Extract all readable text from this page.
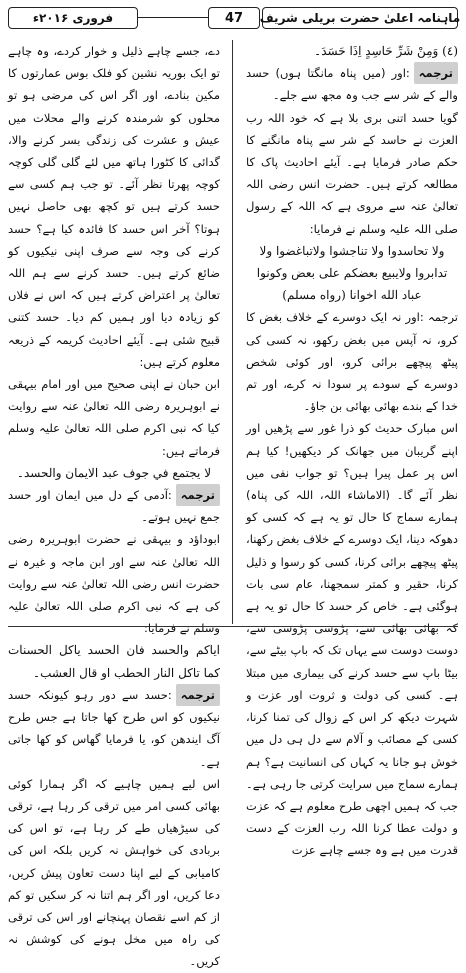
فروری ۲۰۱۶ء	47	ماہنامہ اعلیٰ حضرت بریلی شریف

(٤) وَمِنْ شَرِّ حَاسِدٍ اِذَا حَسَدَ۔

ترجمہ:اور (میں پناہ مانگتا ہوں) حسد والے کے شر سے جب وہ مجھ سے جلے۔

گویا حسد اتنی بری بلا ہے کہ خود اللہ رب العزت نے حاسد کے شر سے پناہ مانگنے کا حکم صادر فرمایا ہے۔ آیئے احادیث پاک کا مطالعہ کرتے ہیں۔ حضرت انس رضی اللہ تعالیٰ عنہ سے مروی ہے کہ اللہ کے رسول صلی اللہ علیہ وسلم نے فرمایا:

ولا تحاسدوا ولا تناجشوا ولاتباغضوا ولا تدابروا ولايبيع بعضكم على بعض وكونوا عباد الله اخوانا (رواه مسلم)

ترجمہ :اور نہ ایک دوسرے کے خلاف بغض کا کرو، نہ آپس میں بغض رکھو، نہ کسی کی پیٹھ پیچھے برائی کرو، اور کوئی شخص دوسرے کے سودے پر سودا نہ کرے، اور تم خدا کے بندے بھائی بھائی بن جاؤ۔

اس مبارک حدیث کو ذرا غور سے پڑھیں اور اپنے گریبان میں جھانک کر دیکھیں! کیا ہم اس پر عمل پیرا ہیں؟ تو جواب نفی میں نظر آئے گا۔ (الاماشاء اللہ، اللہ کی پناہ) ہمارے سماج کا حال تو یہ ہے کہ کسی کو دھوکہ دینا، ایک دوسرے کے خلاف بغض رکھنا، پیٹھ پیچھے برائی کرنا، کسی کو رسوا و ذلیل کرنا، حقیر و کمتر سمجھنا، عام سی بات ہوگئی ہے۔ خاص کر حسد کا حال تو یہ ہے کہ بھائی بھائی سے، پڑوسی پڑوسی سے، دوست دوست سے یہاں تک کہ باپ بیٹے سے، بیٹا باپ سے حسد کرنے کی بیماری میں مبتلا ہے۔ کسی کی دولت و ثروت اور عزت و شہرت دیکھ کر اس کے زوال کی تمنا کرنا، کسی کے مصائب و آلام سے دل ہی دل میں خوش ہو جانا یہ کہاں کی انسانیت ہے؟ ہم ہمارے سماج میں سرایت کرتی جا رہی ہے۔ جب کہ ہمیں اچھی طرح معلوم ہے کہ عزت و دولت عطا کرنا اللہ رب العزت کے دست قدرت میں ہے وہ جسے چاہے عزت

دے، جسے چاہے ذلیل و خوار کردے، وہ چاہے تو ایک بوریہ نشین کو فلک بوس عمارتوں کا مکین بنادے، اور اگر اس کی مرضی ہو تو محلوں کو شرمندہ کرنے والے محلات میں عیش و عشرت کی زندگی بسر کرنے والا، گدائی کا کٹورا ہاتھ میں لئے گلی گلی کوچہ کوچہ پھرتا نظر آئے۔ تو جب ہم کسی سے حسد کرتے ہیں تو کچھ بھی حاصل نہیں ہوتا؟ آخر اس حسد کا فائدہ کیا ہے؟ حسد کرنے کی وجہ سے صرف اپنی نیکیوں کو ضائع کرتے ہیں۔ حسد کرنے سے ہم اللہ تعالیٰ پر اعتراض کرتے ہیں کہ اس نے فلاں کو زیادہ دیا اور ہمیں کم دیا۔ حسد کتنی قبیح شئی ہے۔ آیئے احادیث کریمہ کے ذریعہ معلوم کرتے ہیں:

ابن حبان نے اپنی صحیح میں اور امام بیہقی نے ابوہریرہ رضی اللہ تعالیٰ عنہ سے روایت کیا کہ نبی اکرم صلی اللہ تعالیٰ علیہ وسلم فرماتے ہیں:

لا يجتمع في جوف عبد الايمان والحسد۔

ترجمہ:آدمی کے دل میں ایمان اور حسد جمع نہیں ہوتے۔

ابوداؤد و بیہقی نے حضرت ابوہریرہ رضی اللہ تعالیٰ عنہ سے اور ابن ماجہ و غیرہ نے حضرت انس رضی اللہ تعالیٰ عنہ سے روایت کی ہے کہ نبی اکرم صلی اللہ تعالیٰ علیہ وسلم نے فرمایا:

اياكم والحسد فان الحسد ياكل الحسنات كما تاكل النار الحطب او قال العشب۔

ترجمہ:حسد سے دور رہو کیونکہ حسد نیکیوں کو اس طرح کھا جاتا ہے جس طرح آگ ایندھن کو، یا فرمایا گھاس کو کھا جاتی ہے۔

اس لیے ہمیں چاہیے کہ اگر ہمارا کوئی بھائی کسی امر میں ترقی کر رہا ہے، ترقی کی سیڑھیاں طے کر رہا ہے، تو اس کی بربادی کی خواہش نہ کریں بلکہ اس کی کامیابی کے لیے اپنا دست تعاون پیش کریں، دعا کریں، اور اگر ہم اتنا نہ کر سکیں تو کم از کم اسے نقصان پہنچانے اور اس کی ترقی کی راہ میں مخل ہونے کی کوشش نہ کریں۔
